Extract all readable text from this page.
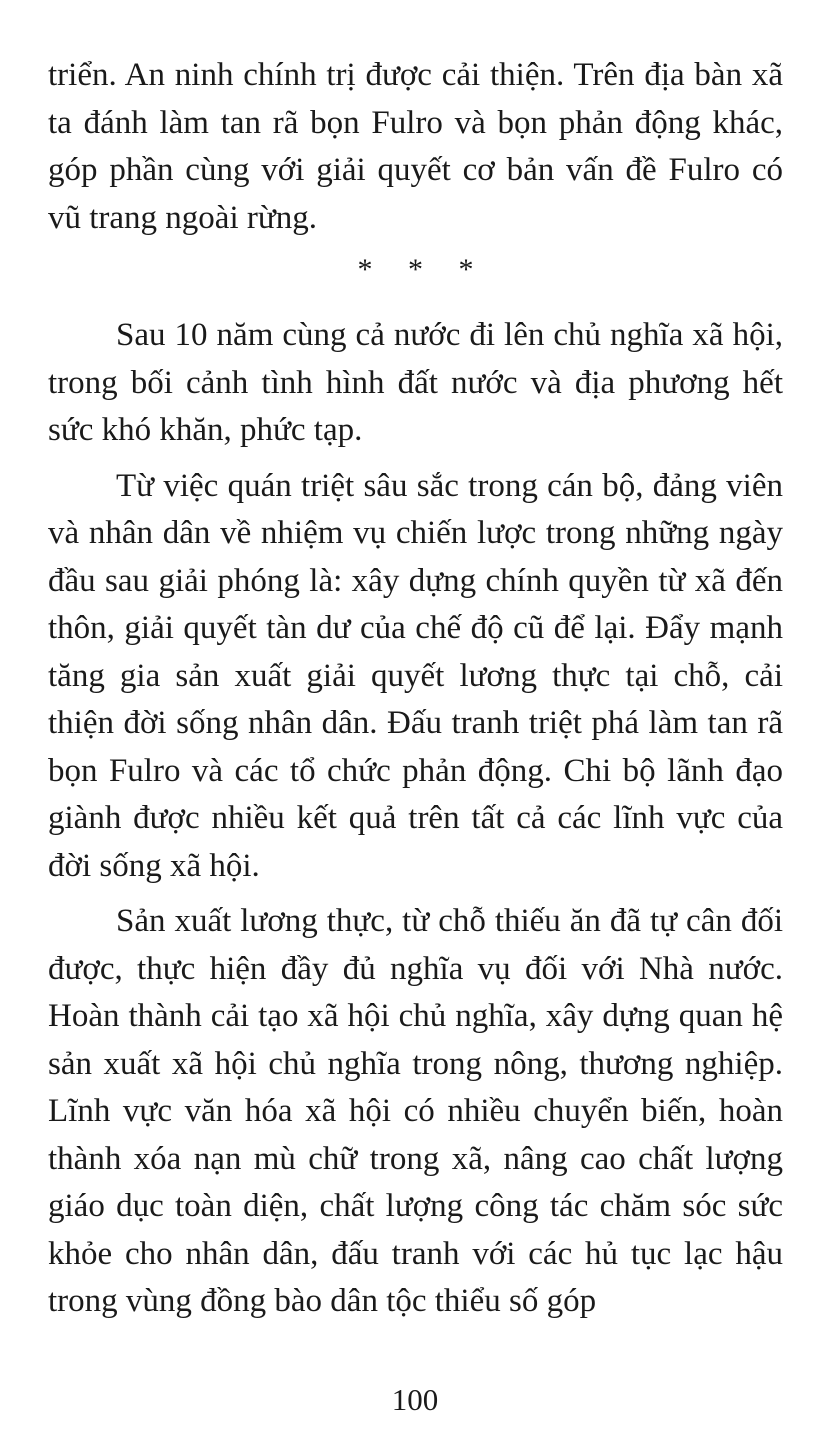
triển. An ninh chính trị được cải thiện. Trên địa bàn xã ta đánh làm tan rã bọn Fulro và bọn phản động khác, góp phần cùng với giải quyết cơ bản vấn đề Fulro có vũ trang ngoài rừng.

* * *

Sau 10 năm cùng cả nước đi lên chủ nghĩa xã hội, trong bối cảnh tình hình đất nước và địa phương hết sức khó khăn, phức tạp.

Từ việc quán triệt sâu sắc trong cán bộ, đảng viên và nhân dân về nhiệm vụ chiến lược trong những ngày đầu sau giải phóng là: xây dựng chính quyền từ xã đến thôn, giải quyết tàn dư của chế độ cũ để lại. Đẩy mạnh tăng gia sản xuất giải quyết lương thực tại chỗ, cải thiện đời sống nhân dân. Đấu tranh triệt phá làm tan rã bọn Fulro và các tổ chức phản động. Chi bộ lãnh đạo giành được nhiều kết quả trên tất cả các lĩnh vực của đời sống xã hội.

Sản xuất lương thực, từ chỗ thiếu ăn đã tự cân đối được, thực hiện đầy đủ nghĩa vụ đối với Nhà nước. Hoàn thành cải tạo xã hội chủ nghĩa, xây dựng quan hệ sản xuất xã hội chủ nghĩa trong nông, thương nghiệp. Lĩnh vực văn hóa xã hội có nhiều chuyển biến, hoàn thành xóa nạn mù chữ trong xã, nâng cao chất lượng giáo dục toàn diện, chất lượng công tác chăm sóc sức khỏe cho nhân dân, đấu tranh với các hủ tục lạc hậu trong vùng đồng bào dân tộc thiểu số góp

100
